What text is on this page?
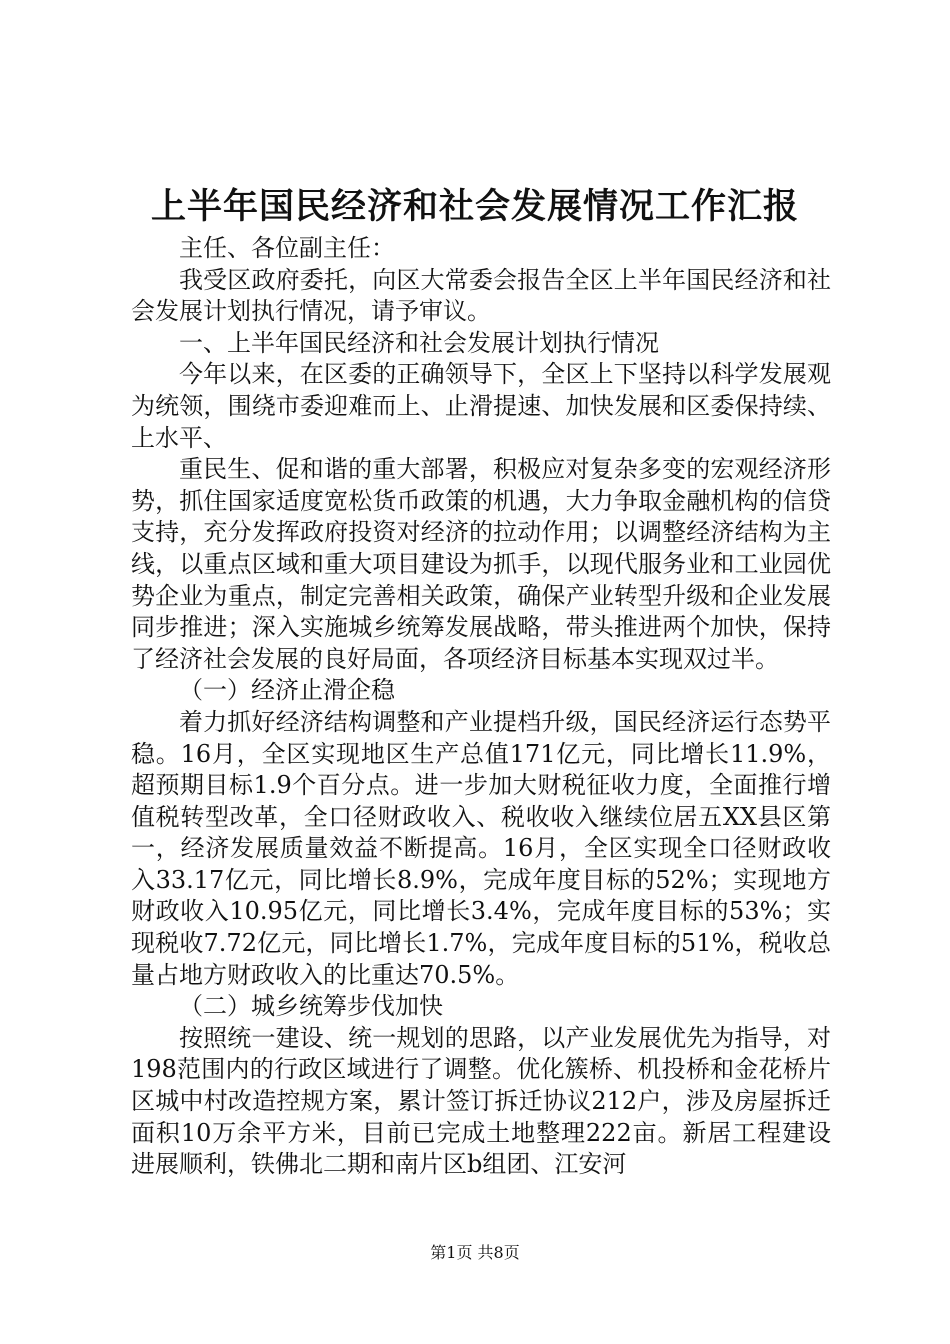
上半年国民经济和社会发展情况工作汇报

主任、各位副主任：

我受区政府委托，向区大常委会报告全区上半年国民经济和社会发展计划执行情况，请予审议。

一、上半年国民经济和社会发展计划执行情况

今年以来，在区委的正确领导下，全区上下坚持以科学发展观为统领，围绕市委迎难而上、止滑提速、加快发展和区委保持续、上水平、

重民生、促和谐的重大部署，积极应对复杂多变的宏观经济形势，抓住国家适度宽松货币政策的机遇，大力争取金融机构的信贷支持，充分发挥政府投资对经济的拉动作用；以调整经济结构为主线，以重点区域和重大项目建设为抓手，以现代服务业和工业园优势企业为重点，制定完善相关政策，确保产业转型升级和企业发展同步推进；深入实施城乡统筹发展战略，带头推进两个加快，保持了经济社会发展的良好局面，各项经济目标基本实现双过半。

（一）经济止滑企稳

着力抓好经济结构调整和产业提档升级，国民经济运行态势平稳。16月，全区实现地区生产总值171亿元，同比增长11.9%，超预期目标1.9个百分点。进一步加大财税征收力度，全面推行增值税转型改革，全口径财政收入、税收收入继续位居五XX县区第一，经济发展质量效益不断提高。16月，全区实现全口径财政收入33.17亿元，同比增长8.9%，完成年度目标的52%；实现地方财政收入10.95亿元，同比增长3.4%，完成年度目标的53%；实现税收7.72亿元，同比增长1.7%，完成年度目标的51%，税收总量占地方财政收入的比重达70.5%。

（二）城乡统筹步伐加快

按照统一建设、统一规划的思路，以产业发展优先为指导，对198范围内的行政区域进行了调整。优化簇桥、机投桥和金花桥片区城中村改造控规方案，累计签订拆迁协议212户，涉及房屋拆迁面积10万余平方米，目前已完成土地整理222亩。新居工程建设进展顺利，铁佛北二期和南片区b组团、江安河

第1页 共8页
